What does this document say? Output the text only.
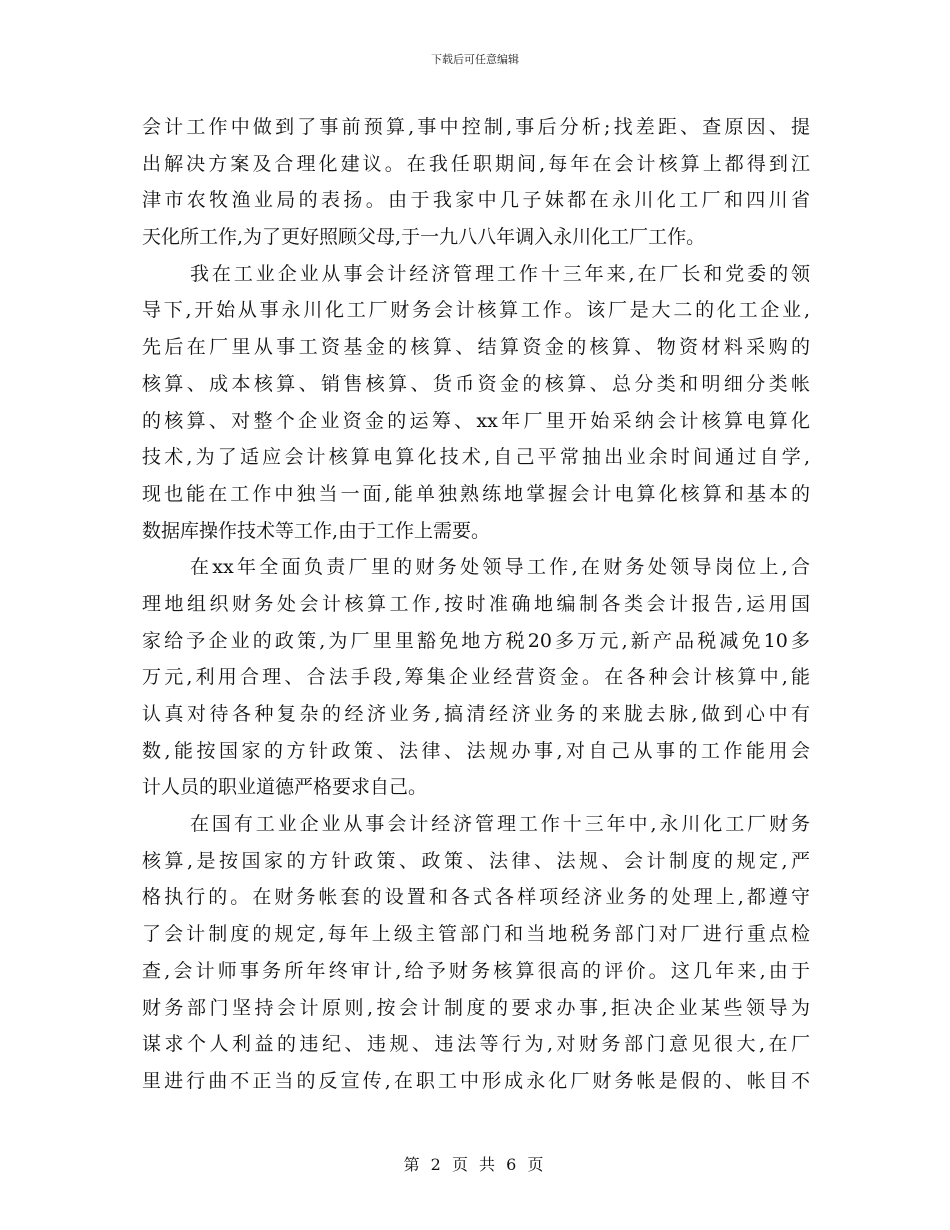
下载后可任意编辑
会计工作中做到了事前预算,事中控制,事后分析;找差距、查原因、提
出解决方案及合理化建议。在我任职期间,每年在会计核算上都得到江
津市农牧渔业局的表扬。由于我家中几子妹都在永川化工厂和四川省
天化所工作,为了更好照顾父母,于一九八八年调入永川化工厂工作。
我在工业企业从事会计经济管理工作十三年来,在厂长和党委的领
导下,开始从事永川化工厂财务会计核算工作。该厂是大二的化工企业,
先后在厂里从事工资基金的核算、结算资金的核算、物资材料采购的
核算、成本核算、销售核算、货币资金的核算、总分类和明细分类帐
的核算、对整个企业资金的运筹、xx年厂里开始采纳会计核算电算化
技术,为了适应会计核算电算化技术,自己平常抽出业余时间通过自学,
现也能在工作中独当一面,能单独熟练地掌握会计电算化核算和基本的
数据库操作技术等工作,由于工作上需要。
在xx年全面负责厂里的财务处领导工作,在财务处领导岗位上,合
理地组织财务处会计核算工作,按时准确地编制各类会计报告,运用国
家给予企业的政策,为厂里里豁免地方税20多万元,新产品税减免10多
万元,利用合理、合法手段,筹集企业经营资金。在各种会计核算中,能
认真对待各种复杂的经济业务,搞清经济业务的来胧去脉,做到心中有
数,能按国家的方针政策、法律、法规办事,对自己从事的工作能用会
计人员的职业道德严格要求自己。
在国有工业企业从事会计经济管理工作十三年中,永川化工厂财务
核算,是按国家的方针政策、政策、法律、法规、会计制度的规定,严
格执行的。在财务帐套的设置和各式各样项经济业务的处理上,都遵守
了会计制度的规定,每年上级主管部门和当地税务部门对厂进行重点检
查,会计师事务所年终审计,给予财务核算很高的评价。这几年来,由于
财务部门坚持会计原则,按会计制度的要求办事,拒决企业某些领导为
谋求个人利益的违纪、违规、违法等行为,对财务部门意见很大,在厂
里进行曲不正当的反宣传,在职工中形成永化厂财务帐是假的、帐目不
第 2 页 共 6 页
